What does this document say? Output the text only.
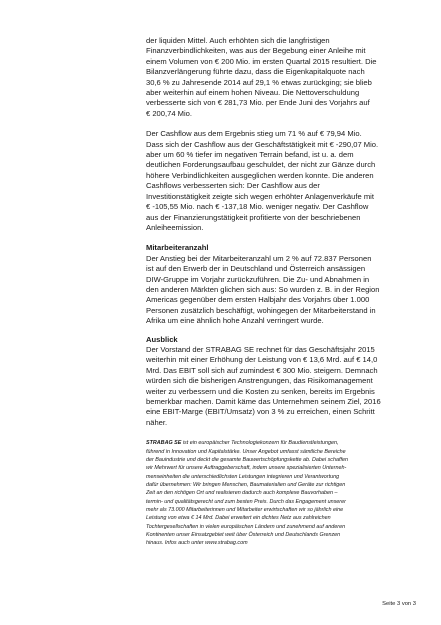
der liquiden Mittel. Auch erhöhten sich die langfristigen
Finanzverbindlichkeiten, was aus der Begebung einer Anleihe mit
einem Volumen von € 200 Mio. im ersten Quartal 2015 resultiert. Die
Bilanzverlängerung führte dazu, dass die Eigenkapitalquote nach
30,6 % zu Jahresende 2014 auf 29,1 % etwas zurückging; sie blieb
aber weiterhin auf einem hohen Niveau. Die Nettoverschuldung
verbesserte sich von € 281,73 Mio. per Ende Juni des Vorjahrs auf
€ 200,74 Mio.

Der Cashflow aus dem Ergebnis stieg um 71 % auf € 79,94 Mio.
Dass sich der Cashflow aus der Geschäftstätigkeit mit € -290,07 Mio.
aber um 60 % tiefer im negativen Terrain befand, ist u. a. dem
deutlichen Forderungsaufbau geschuldet, der nicht zur Gänze durch
höhere Verbindlichkeiten ausgeglichen werden konnte. Die anderen
Cashflows verbesserten sich: Der Cashflow aus der
Investitionstätigkeit zeigte sich wegen erhöhter Anlagenverkäufe mit
€ -105,55 Mio. nach € -137,18 Mio. weniger negativ. Der Cashflow
aus der Finanzierungstätigkeit profitierte von der beschriebenen
Anleiheemission.

Mitarbeiteranzahl

Der Anstieg bei der Mitarbeiteranzahl um 2 % auf 72.837 Personen
ist auf den Erwerb der in Deutschland und Österreich ansässigen
DIW-Gruppe im Vorjahr zurückzuführen. Die Zu- und Abnahmen in
den anderen Märkten glichen sich aus: So wurden z. B. in der Region
Americas gegenüber dem ersten Halbjahr des Vorjahrs über 1.000
Personen zusätzlich beschäftigt, wohingegen der Mitarbeiterstand in
Afrika um eine ähnlich hohe Anzahl verringert wurde.

Ausblick

Der Vorstand der STRABAG SE rechnet für das Geschäftsjahr 2015
weiterhin mit einer Erhöhung der Leistung von € 13,6 Mrd. auf € 14,0
Mrd. Das EBIT soll sich auf zumindest € 300 Mio. steigern. Demnach
würden sich die bisherigen Anstrengungen, das Risikomanagement
weiter zu verbessern und die Kosten zu senken, bereits im Ergebnis
bemerkbar machen. Damit käme das Unternehmen seinem Ziel, 2016
eine EBIT-Marge (EBIT/Umsatz) von 3 % zu erreichen, einen Schritt
näher.

STRABAG SE ist ein europäischer Technologiekonzern für Baudienstleistungen,
führend in Innovation und Kapitalstärke. Unser Angebot umfasst sämtliche Bereiche
der Bauindustrie und deckt die gesamte Bauwertschöpfungskette ab. Dabei schaffen
wir Mehrwert für unsere Auftraggeberschaft, indem unsere spezialisierten Unterneh-
menseinheiten die unterschiedlichsten Leistungen integrieren und Verantwortung
dafür übernehmen: Wir bringen Menschen, Baumaterialien und Geräte zur richtigen
Zeit an den richtigen Ort und realisieren dadurch auch komplexe Bauvorhaben –
termin- und qualitätsgerecht und zum besten Preis. Durch das Engagement unserer
mehr als 73.000 Mitarbeiterinnen und Mitarbeiter erwirtschaften wir so jährlich eine
Leistung von etwa € 14 Mrd. Dabei erweitert ein dichtes Netz aus zahlreichen
Tochtergesellschaften in vielen europäischen Ländern und zunehmend auf anderen
Kontinenten unser Einsatzgebiet weit über Österreich und Deutschlands Grenzen
hinaus. Infos auch unter www.strabag.com

Seite 3 von 3
